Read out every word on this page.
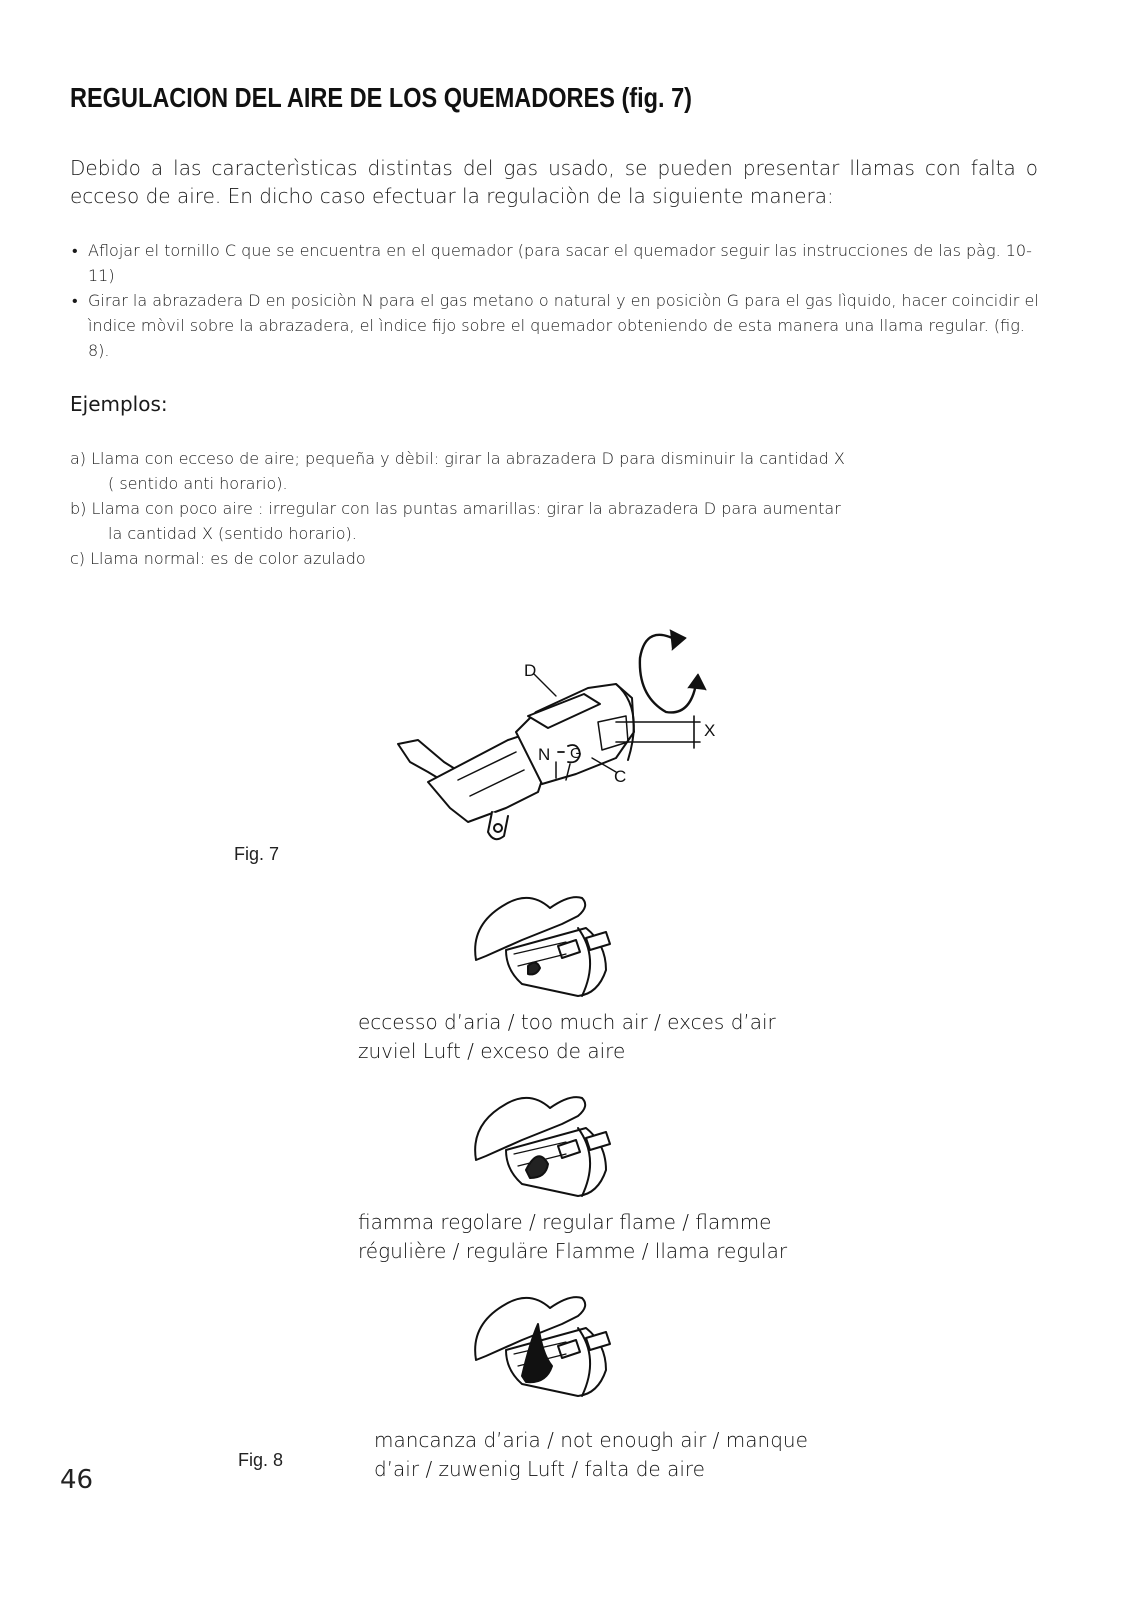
REGULACION DEL AIRE DE LOS QUEMADORES (fig. 7)
Debido a las caracterìsticas distintas del gas usado, se pueden presentar llamas con falta o ecceso de aire. En dicho caso efectuar la regulaciòn de la siguiente manera:

• Aflojar el tornillo C que se encuentra en el quemador (para sacar el quemador seguir las instrucciones de las pàg. 10-11)

• Girar la abrazadera D en posiciòn N para el gas metano o natural y en posiciòn G para el gas lìquido, hacer coincidir el ìndice mòvil sobre la abrazadera, el ìndice fijo sobre el quemador obteniendo de esta manera una llama regular. (fig. 8).

Ejemplos:

a) Llama con ecceso de aire; pequeña y dèbil: girar la abrazadera D para disminuir la cantidad X

( sentido anti horario).

b) Llama con poco aire : irregular con las puntas amarillas: girar la abrazadera D para aumentar

la cantidad X (sentido horario).

c) Llama normal: es de color azulado

D
N G
C
X
Fig. 7
eccesso d’aria / too much air / exces d’air
zuviel Luft / exceso de aire
fiamma regolare / regular flame / flamme
régulière / reguläre Flamme / llama regular
mancanza d’aria / not enough air / manque
d’air / zuwenig Luft / falta de aire
Fig. 8
46
